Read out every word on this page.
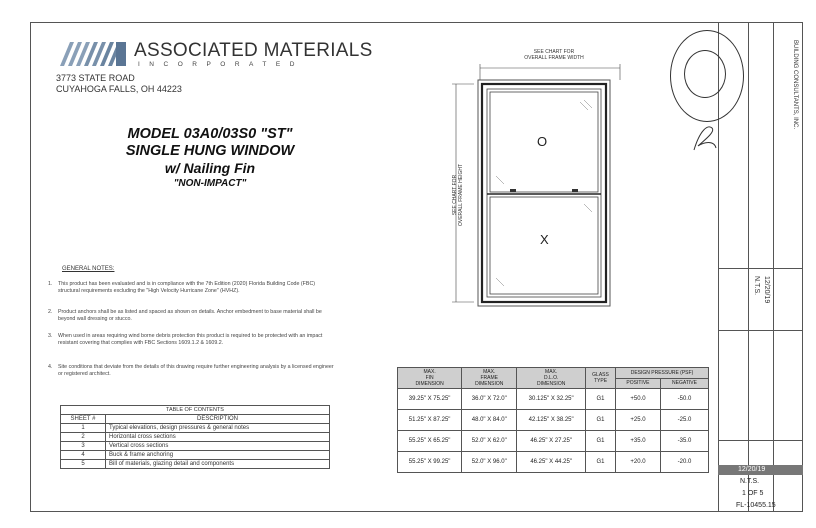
ASSOCIATED MATERIALS
INCORPORATED
3773 STATE ROAD
CUYAHOGA FALLS, OH 44223
MODEL 03A0/03S0 "ST"
SINGLE HUNG WINDOW
w/ Nailing Fin
"NON-IMPACT"
GENERAL NOTES:
1. This product has been evaluated and is in compliance with the 7th Edition (2020) Florida Building Code (FBC) structural requirements excluding the "High Velocity Hurricane Zone" (HVHZ).
2. Product anchors shall be as listed and spaced as shown on details. Anchor embedment to base material shall be beyond wall dressing or stucco.
3. When used in areas requiring wind borne debris protection this product is required to be protected with an impact resistant covering that complies with FBC Sections 1609.1.2 & 1609.2.
4. Site conditions that deviate from the details of this drawing require further engineering analysis by a licensed engineer or registered architect.
TABLE OF CONTENTS	
SHEET #	DESCRIPTION
1	Typical elevations, design pressures & general notes
2	Horizontal cross sections
3	Vertical cross sections
4	Buck & frame anchoring
5	Bill of materials, glazing detail and components
SEE CHART FOR
OVERALL FRAME WIDTH
SEE CHART FOR
OVERALL FRAME HEIGHT
O
X
MAX.
FIN
DIMENSION	MAX.
FRAME
DIMENSION	MAX.
D.L.O.
DIMENSION	GLASS
TYPE	DESIGN PRESSURE (PSF)	
				POSITIVE	NEGATIVE
39.25" X 75.25"	36.0" X 72.0"	30.125" X 32.25"	G1	+50.0	-50.0
51.25" X 87.25"	48.0" X 84.0"	42.125" X 38.25"	G1	+25.0	-25.0
55.25" X 65.25"	52.0" X 62.0"	46.25" X 27.25"	G1	+35.0	-35.0
55.25" X 99.25"	52.0" X 96.0"	46.25" X 44.25"	G1	+20.0	-20.0
BUILDING CONSULTANTS, INC.
12/20/19
N.T.S.
12/20/19
N.T.S.
1 OF 5
FL-10455.15
